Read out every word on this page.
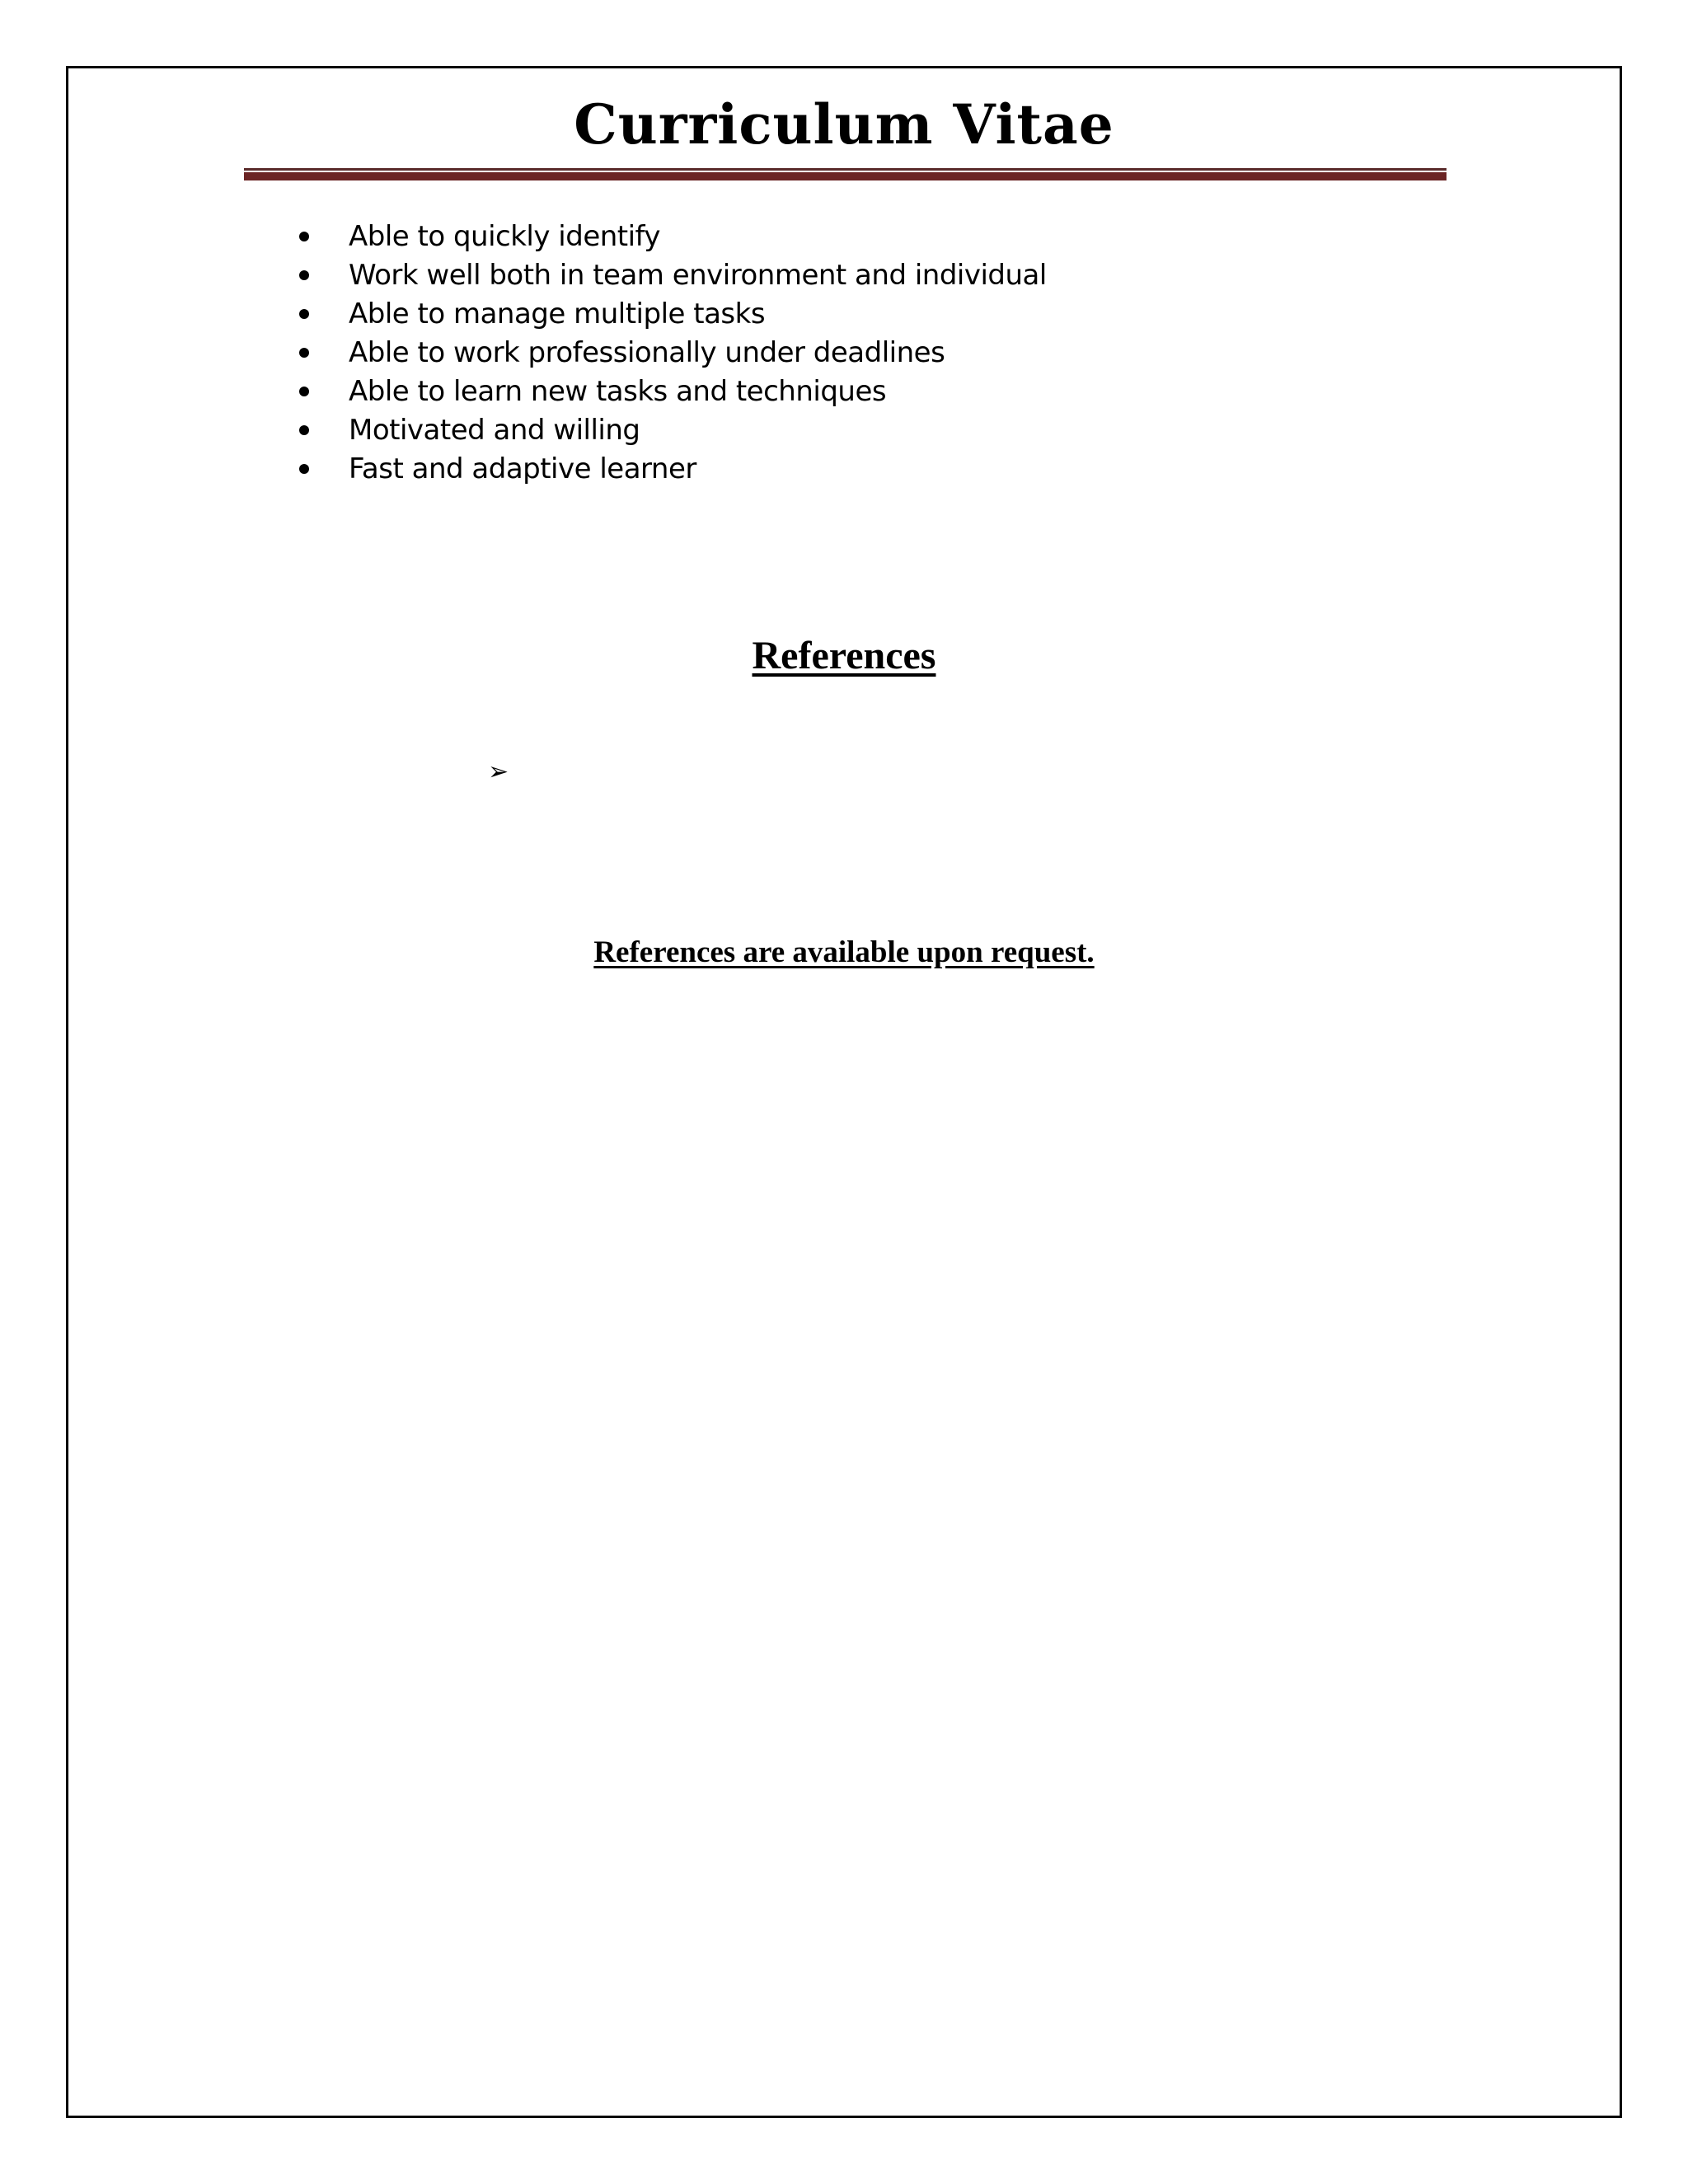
Curriculum Vitae
Able to quickly identify
Work well both in team environment and individual
Able to manage multiple tasks
Able to work professionally under deadlines
Able to learn new tasks and techniques
Motivated and willing
Fast and adaptive learner
References
➢

References are available upon request.
